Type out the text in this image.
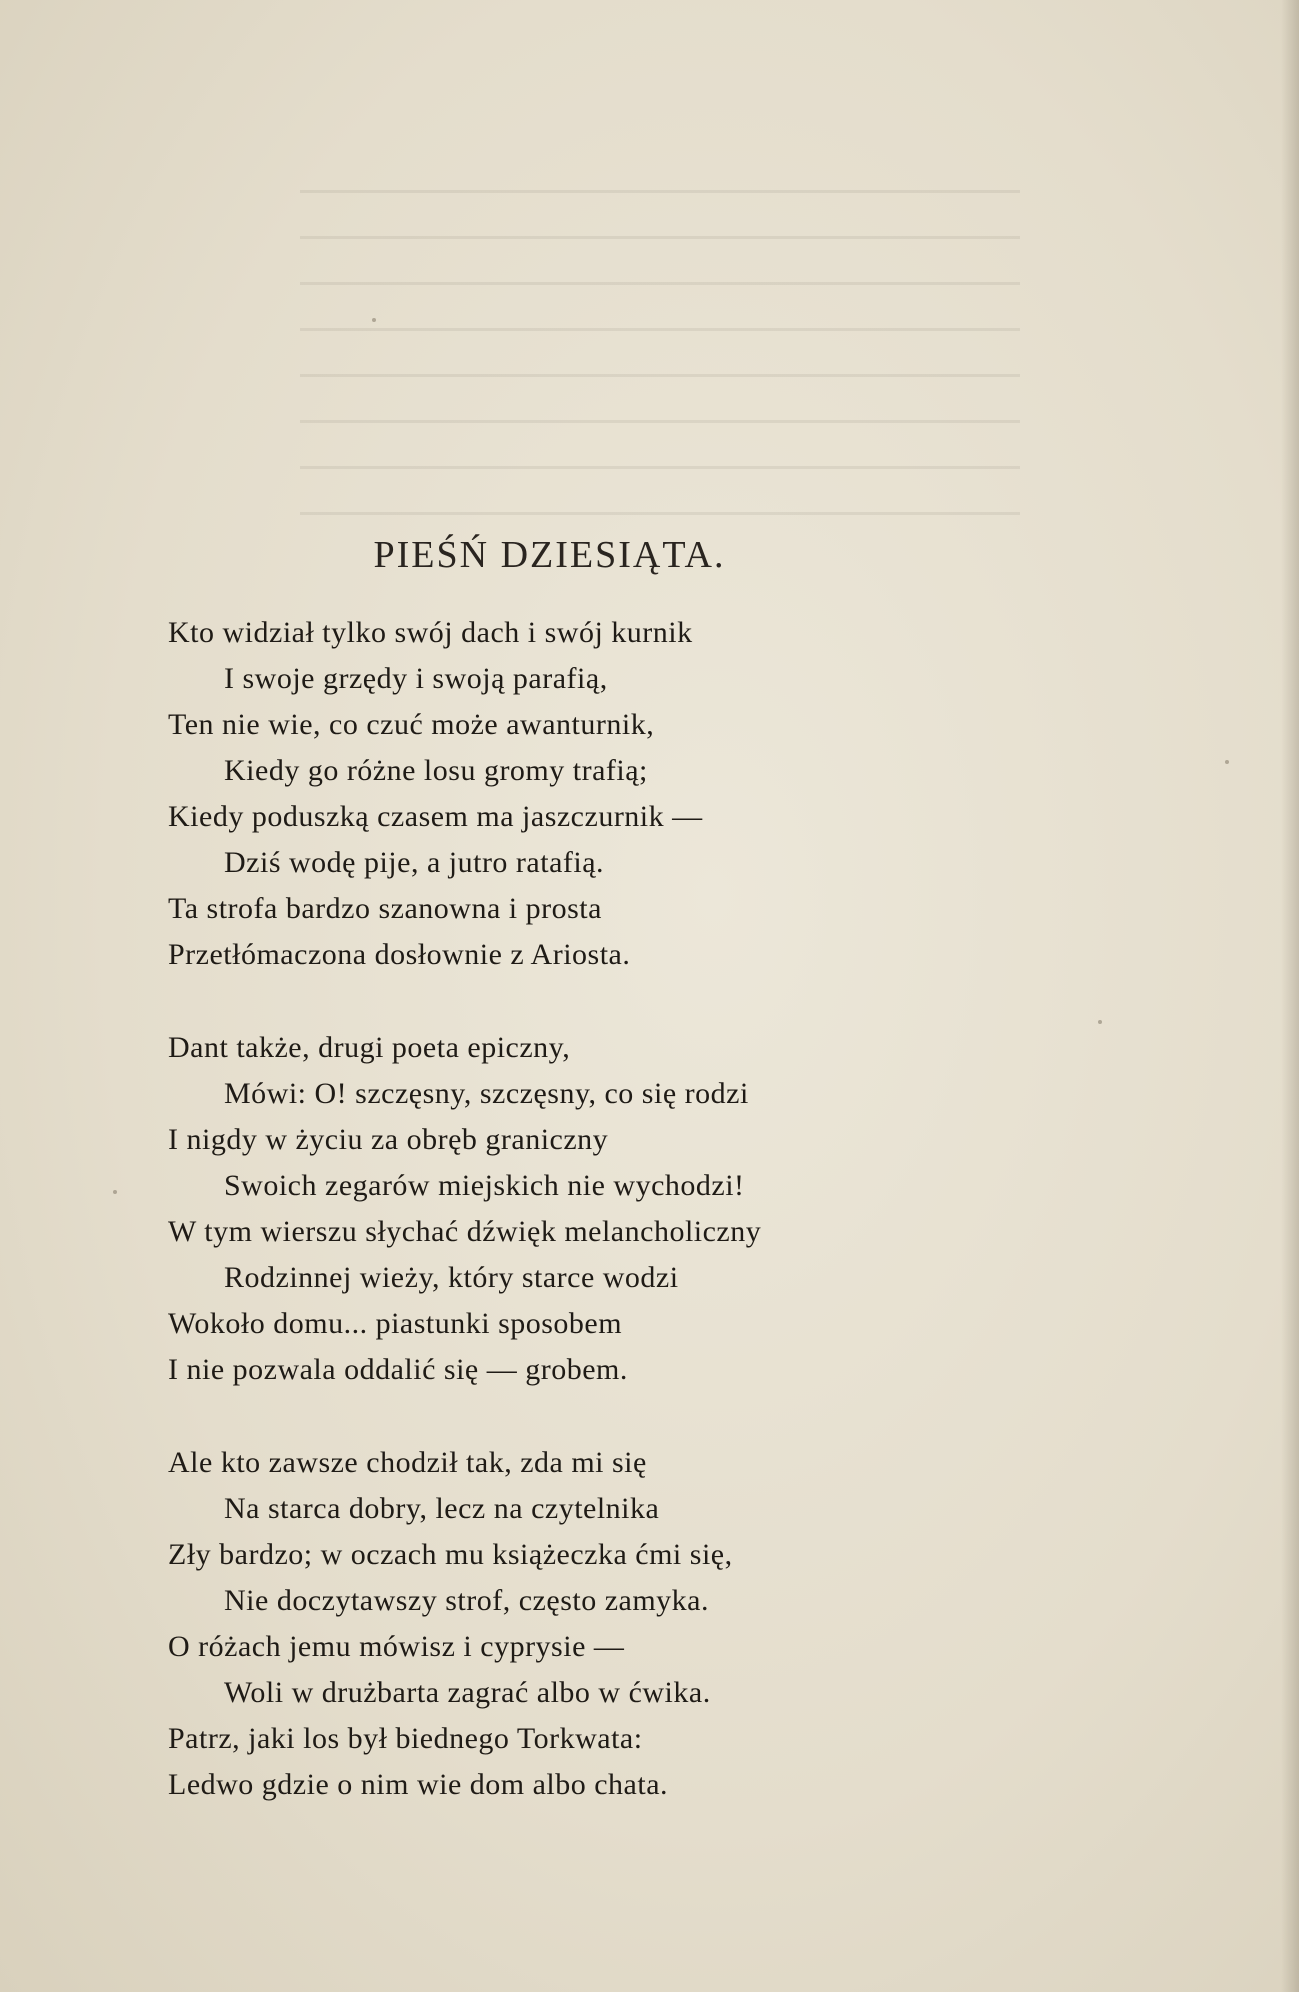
PIEŚŃ DZIESIĄTA.
Kto widział tylko swój dach i swój kurnik
I swoje grzędy i swoją parafią,
Ten nie wie, co czuć może awanturnik,
Kiedy go różne losu gromy trafią;
Kiedy poduszką czasem ma jaszczurnik —
Dziś wodę pije, a jutro ratafią.
Ta strofa bardzo szanowna i prosta
Przetłómaczona dosłownie z Ariosta.
Dant także, drugi poeta epiczny,
Mówi: O! szczęsny, szczęsny, co się rodzi
I nigdy w życiu za obręb graniczny
Swoich zegarów miejskich nie wychodzi!
W tym wierszu słychać dźwięk melancholiczny
Rodzinnej wieży, który starce wodzi
Wokoło domu... piastunki sposobem
I nie pozwala oddalić się — grobem.
Ale kto zawsze chodził tak, zda mi się
Na starca dobry, lecz na czytelnika
Zły bardzo; w oczach mu książeczka ćmi się,
Nie doczytawszy strof, często zamyka.
O różach jemu mówisz i cyprysie —
Woli w drużbarta zagrać albo w ćwika.
Patrz, jaki los był biednego Torkwata:
Ledwo gdzie o nim wie dom albo chata.
